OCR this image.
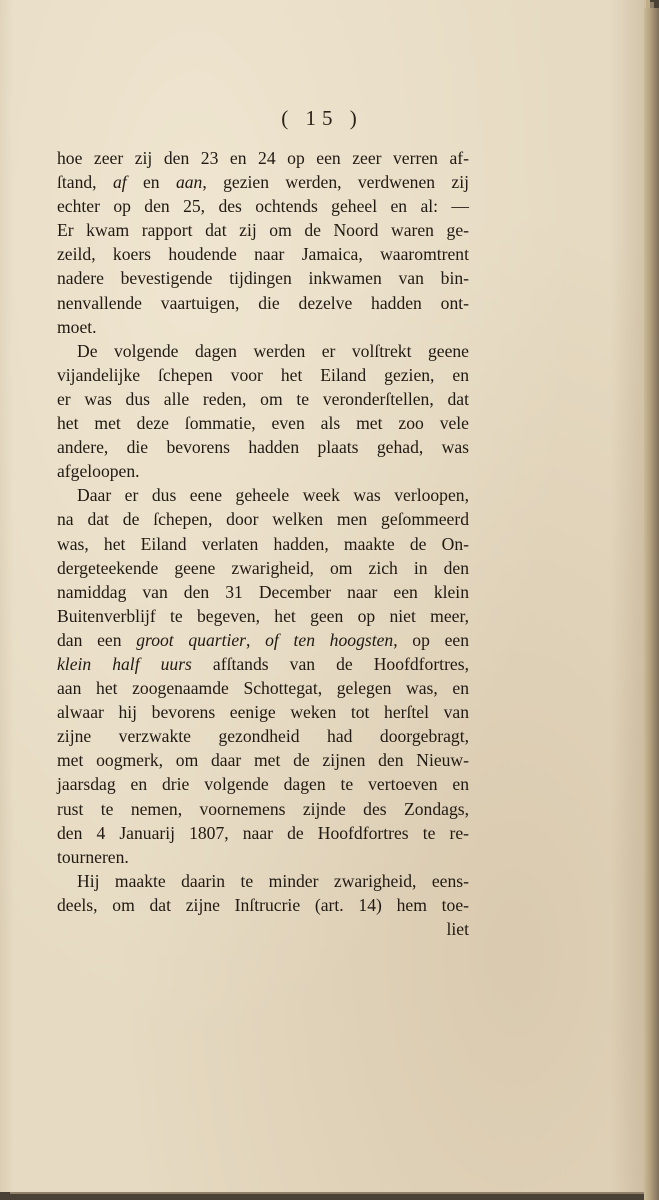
( 15 )
hoe zeer zij den 23 en 24 op een zeer verren af-
ſtand, af en aan, gezien werden, verdwenen zij
echter op den 25, des ochtends geheel en al: —
Er kwam rapport dat zij om de Noord waren ge-
zeild, koers houdende naar Jamaica, waaromtrent
nadere bevestigende tijdingen inkwamen van bin-
nenvallende vaartuigen, die dezelve hadden ont-
moet.
De volgende dagen werden er volſtrekt geene
vijandelijke ſchepen voor het Eiland gezien, en
er was dus alle reden, om te veronderſtellen, dat
het met deze ſommatie, even als met zoo vele
andere, die bevorens hadden plaats gehad, was
afgeloopen.
Daar er dus eene geheele week was verloopen,
na dat de ſchepen, door welken men geſommeerd
was, het Eiland verlaten hadden, maakte de On-
dergeteekende geene zwarigheid, om zich in den
namiddag van den 31 December naar een klein
Buitenverblijf te begeven, het geen op niet meer,
dan een groot quartier, of ten hoogsten, op een
klein half uurs afſtands van de Hoofdfortres,
aan het zoogenaamde Schottegat, gelegen was, en
alwaar hij bevorens eenige weken tot herſtel van
zijne verzwakte gezondheid had doorgebragt,
met oogmerk, om daar met de zijnen den Nieuw-
jaarsdag en drie volgende dagen te vertoeven en
rust te nemen, voornemens zijnde des Zondags,
den 4 Januarij 1807, naar de Hoofdfortres te re-
tourneren.
Hij maakte daarin te minder zwarigheid, eens-
deels, om dat zijne Inſtrucrie (art. 14) hem toe-
liet
